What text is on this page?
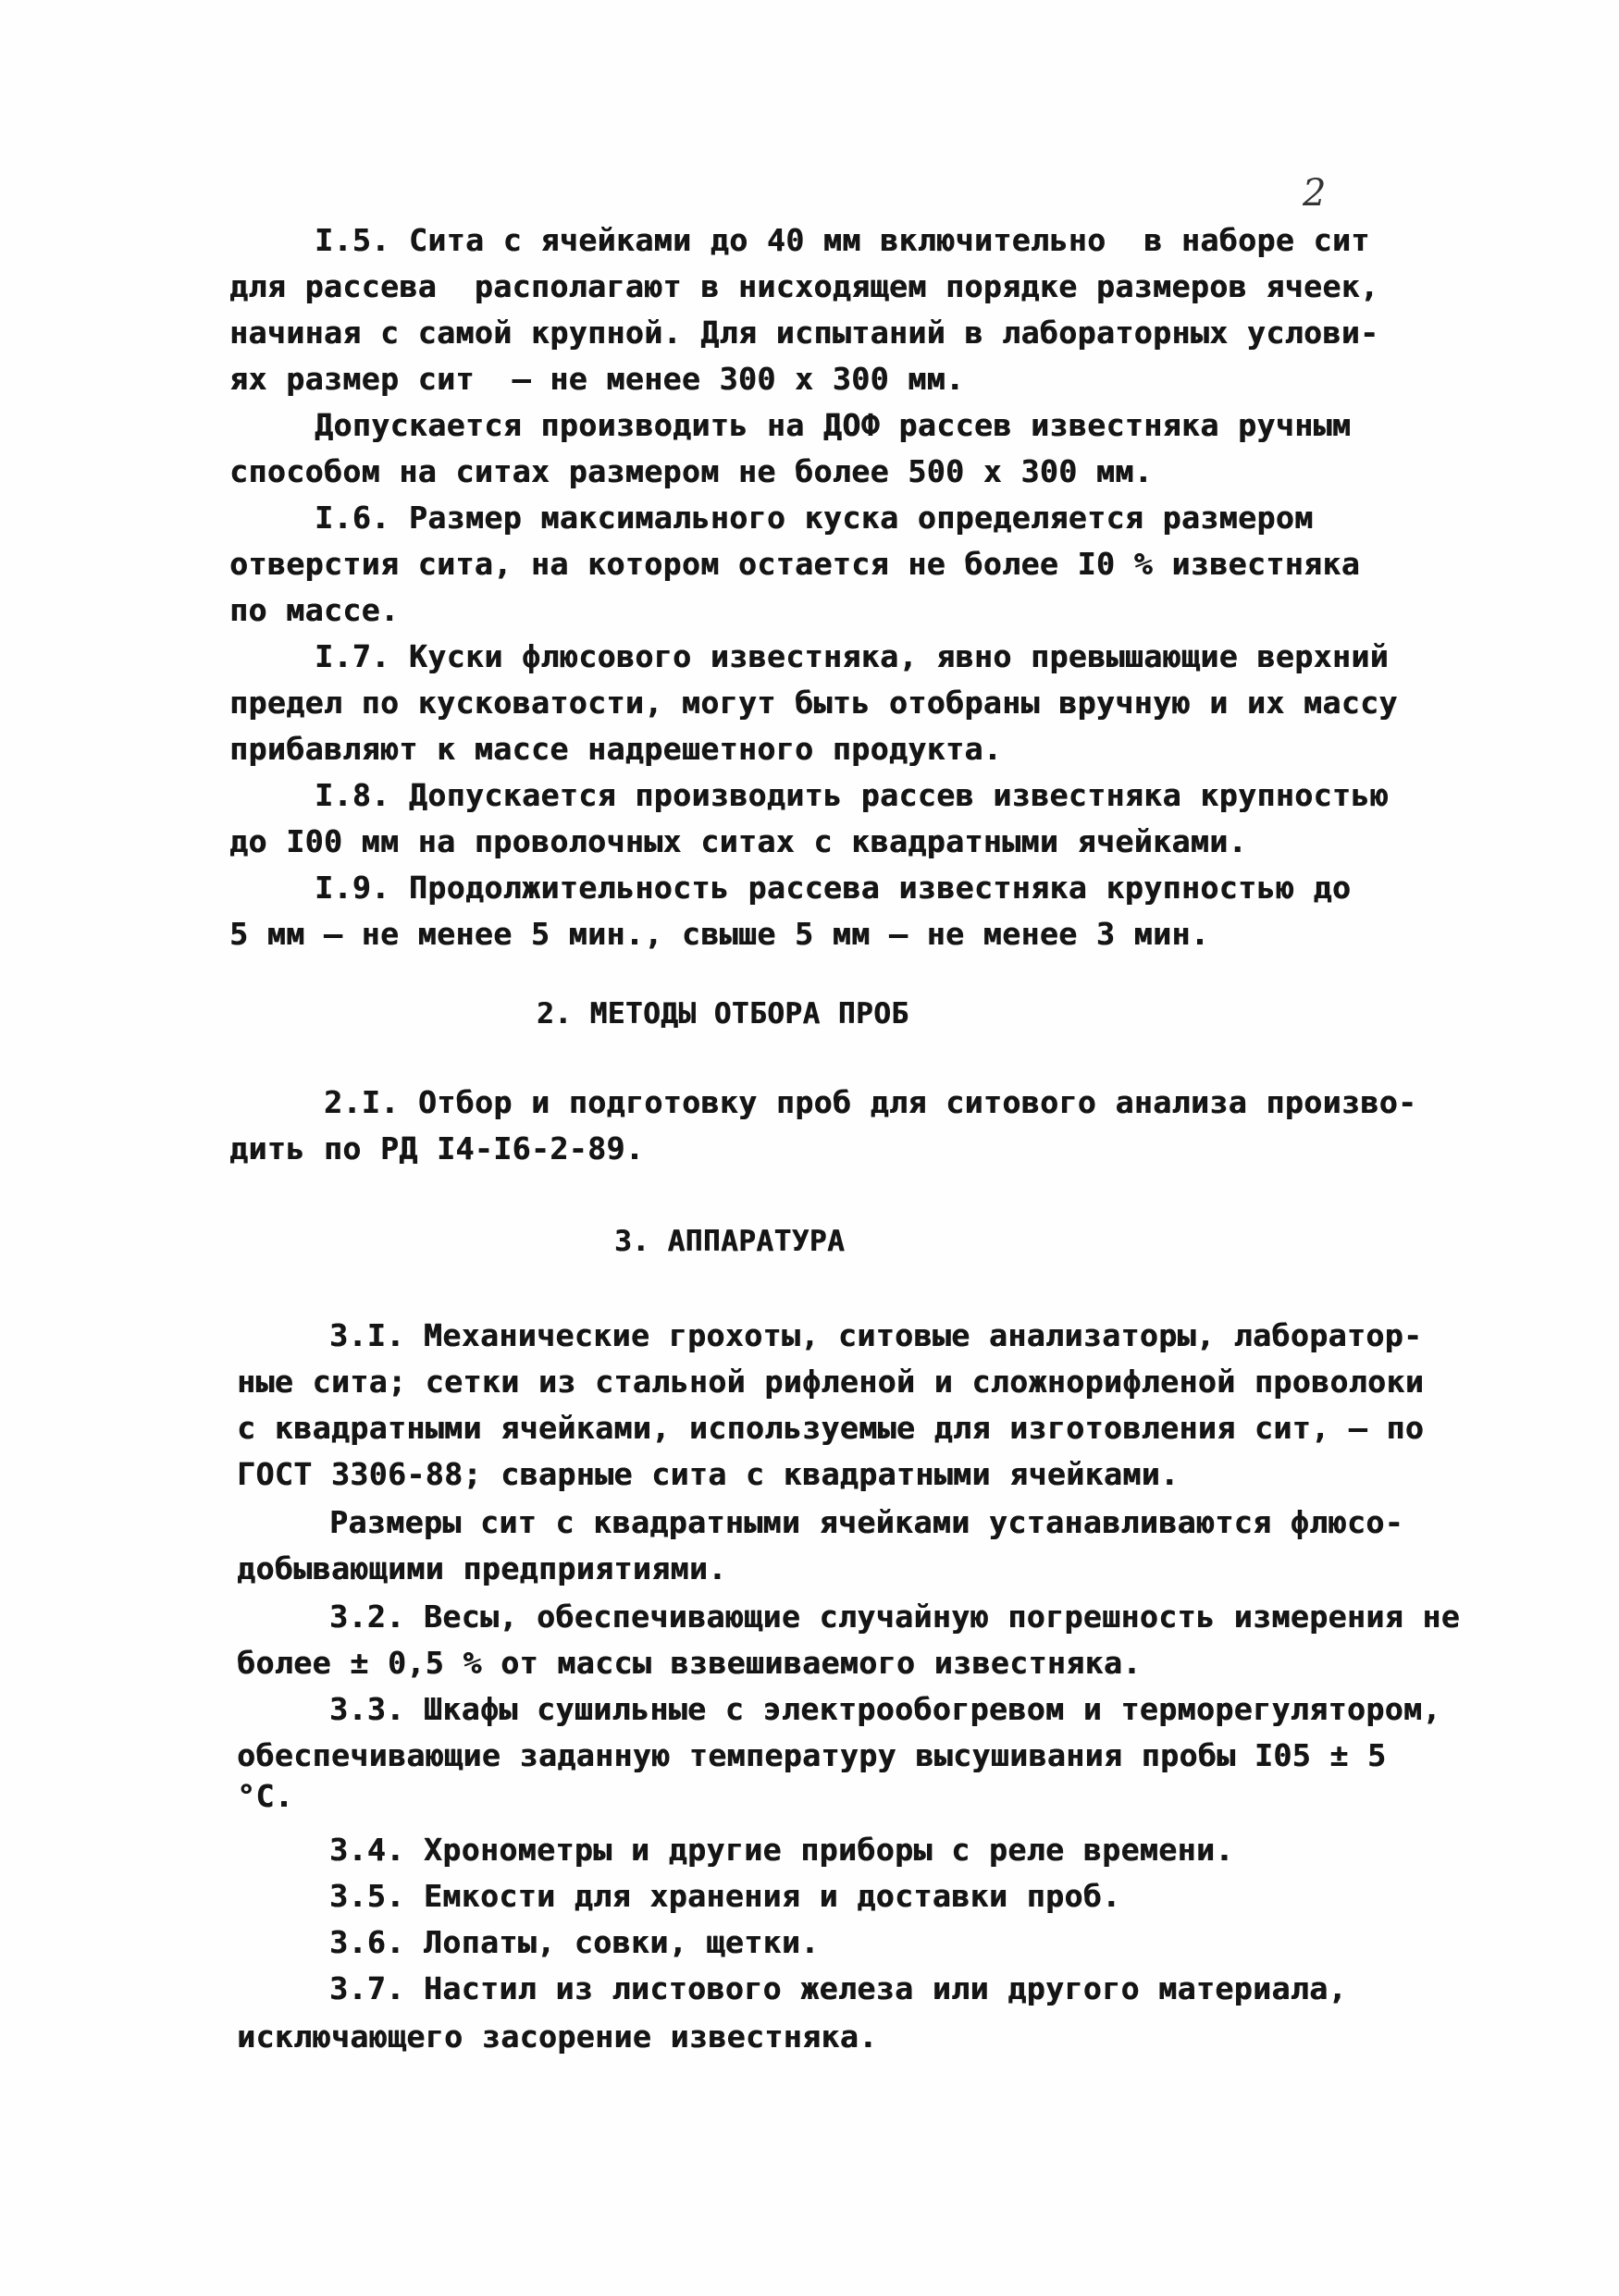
2
I.5. Сита с ячейками до 40 мм включительно  в наборе сит
для рассева  располагают в нисходящем порядке размеров ячеек,
начиная с самой крупной. Для испытаний в лабораторных услови-
ях размер сит  – не менее 300 x 300 мм.
Допускается производить на ДОФ рассев известняка ручным
способом на ситах размером не более 500 x 300 мм.
I.6. Размер максимального куска определяется размером
отверстия сита, на котором остается не более I0 % известняка
по массе.
I.7. Куски флюсового известняка, явно превышающие верхний
предел по кусковатости, могут быть отобраны вручную и их массу
прибавляют к массе надрешетного продукта.
I.8. Допускается производить рассев известняка крупностью
до I00 мм на проволочных ситах с квадратными ячейками.
I.9. Продолжительность рассева известняка крупностью до
5 мм – не менее 5 мин., свыше 5 мм – не менее 3 мин.
2. МЕТОДЫ ОТБОРА ПРОБ
2.I. Отбор и подготовку проб для ситового анализа произво-
дить по РД I4-I6-2-89.
3. АППАРАТУРА
3.I. Механические грохоты, ситовые анализаторы, лаборатор-
ные сита; сетки из стальной рифленой и сложнорифленой проволоки
с квадратными ячейками, используемые для изготовления сит, – по
ГОСТ 3306-88; сварные сита с квадратными ячейками.
Размеры сит с квадратными ячейками устанавливаются флюсо-
добывающими предприятиями.
3.2. Весы, обеспечивающие случайную погрешность измерения не
более ± 0,5 % от массы взвешиваемого известняка.
3.3. Шкафы сушильные с электрообогревом и терморегулятором,
обеспечивающие заданную температуру высушивания пробы I05 ± 5
°С.
3.4. Хронометры и другие приборы с реле времени.
3.5. Емкости для хранения и доставки проб.
3.6. Лопаты, совки, щетки.
3.7. Настил из листового железа или другого материала,
исключающего засорение известняка.
